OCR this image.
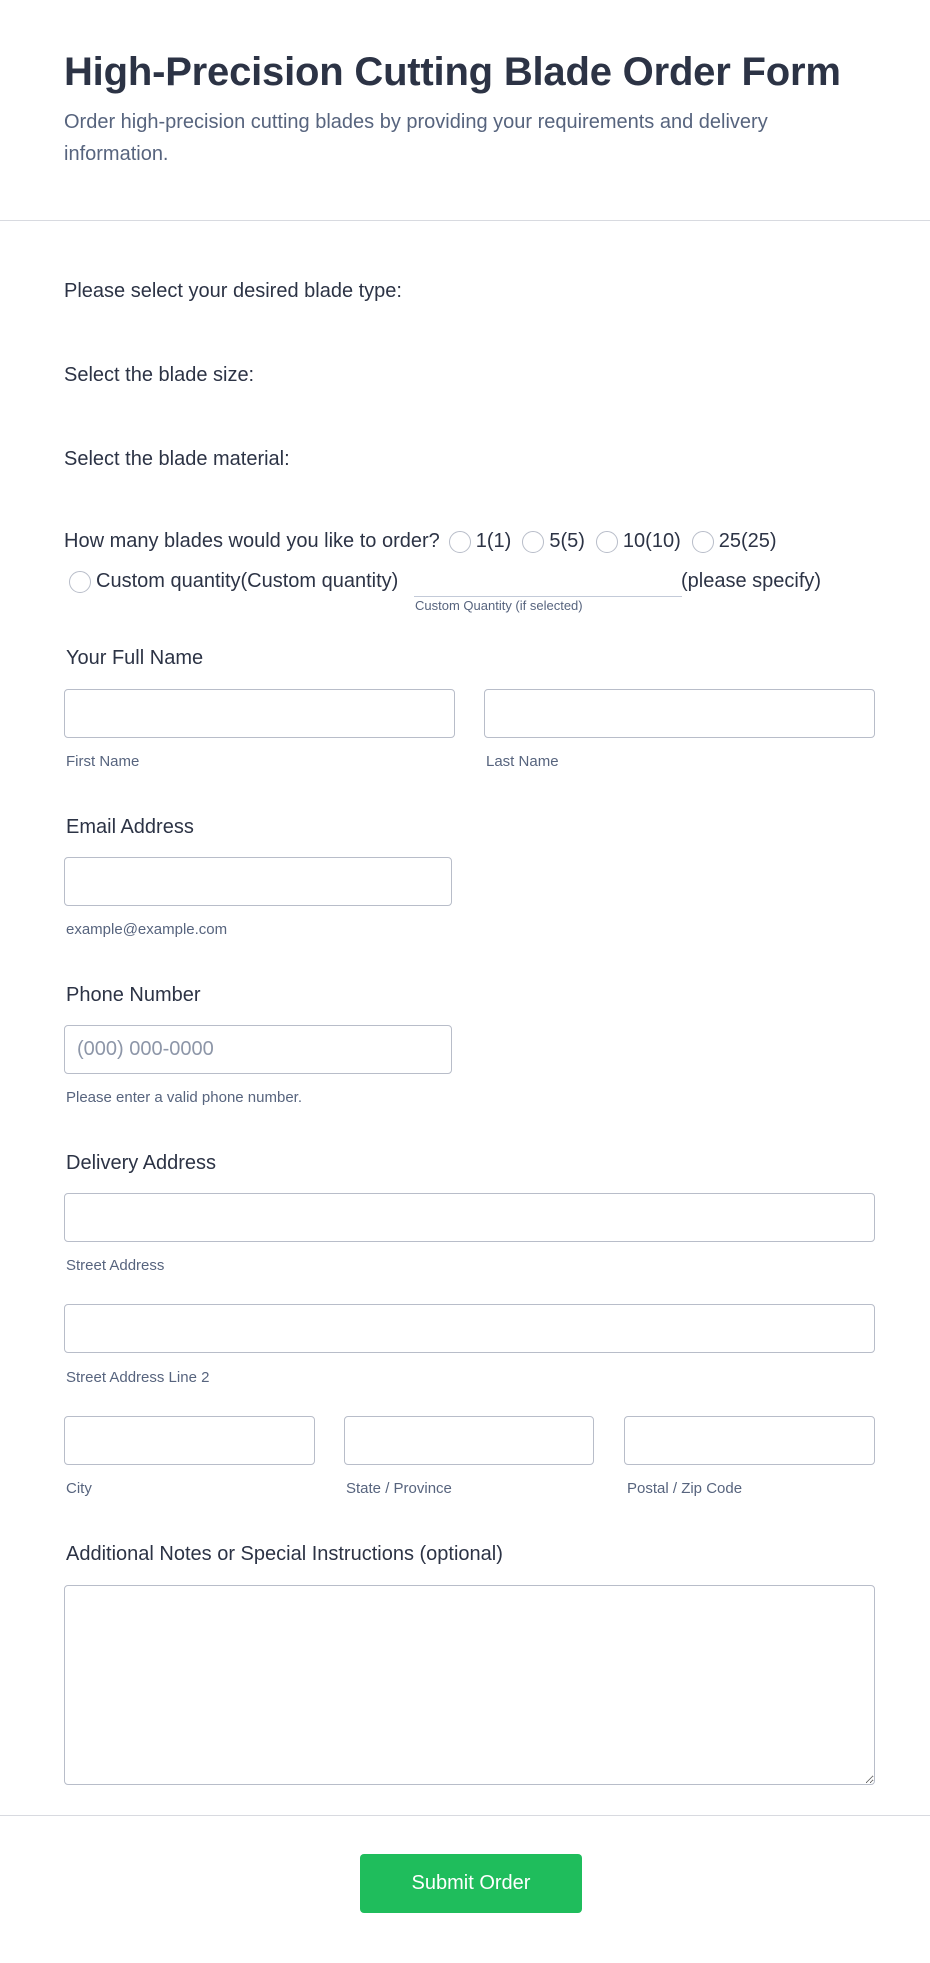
High-Precision Cutting Blade Order Form

Order high-precision cutting blades by providing your requirements and delivery information.

Please select your desired blade type:
Select the blade size:
Select the blade material:
How many blades would you like to order? 1(1) 5(5) 10(10) 25(25)
Custom quantity(Custom quantity)
Custom Quantity (if selected)
(please specify)
Your Full Name
First Name	Last Name
Email Address
example@example.com
Phone Number
(000) 000-0000
Please enter a valid phone number.
Delivery Address
Street Address
Street Address Line 2
City	State / Province	Postal / Zip Code
Additional Notes or Special Instructions (optional)
Submit Order
